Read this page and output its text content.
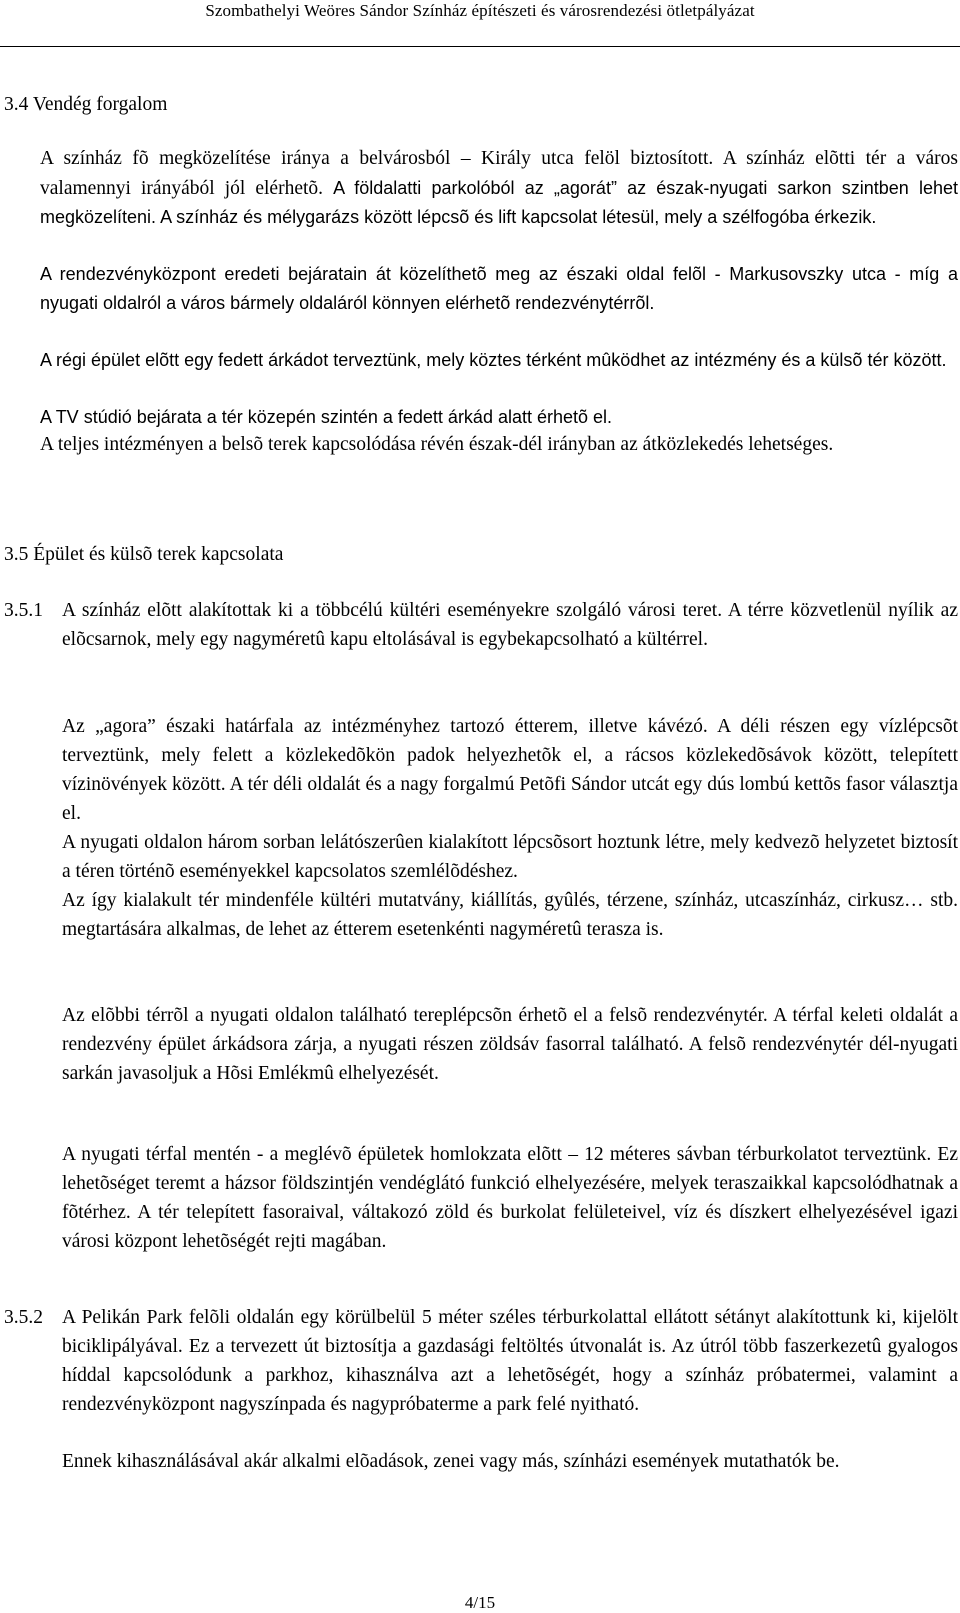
Szombathelyi Weöres Sándor Színház építészeti és városrendezési ötletpályázat
3.4 Vendég forgalom
A színház fõ megközelítése iránya a belvárosból – Király utca felöl biztosított. A színház elõtti tér a város valamennyi irányából jól elérhetõ. A földalatti parkolóból az „agorát” az észak-nyugati sarkon szintben lehet megközelíteni. A színház és mélygarázs között lépcsõ és lift kapcsolat létesül, mely a szélfogóba érkezik.
A rendezvényközpont eredeti bejáratain át közelíthetõ meg az északi oldal felõl - Markusovszky utca - míg a nyugati oldalról a város bármely oldaláról könnyen elérhetõ rendezvénytérrõl.
A régi épület elõtt egy fedett árkádot terveztünk, mely köztes térként mûködhet az intézmény és a külsõ tér között.
A TV stúdió bejárata a tér közepén szintén a fedett árkád alatt érhetõ el.
A teljes intézményen a belsõ terek kapcsolódása révén észak-dél irányban az átközlekedés lehetséges.
3.5 Épület és külsõ terek kapcsolata
3.5.1 A színház elõtt alakítottak ki a többcélú kültéri eseményekre szolgáló városi teret. A térre közvetlenül nyílik az elõcsarnok, mely egy nagyméretû kapu eltolásával is egybekapcsolható a kültérrel.
Az „agora” északi határfala az intézményhez tartozó étterem, illetve kávézó. A déli részen egy vízlépcsõt terveztünk, mely felett a közlekedõkön padok helyezhetõk el, a rácsos közlekedõsávok között, telepített vízinövények között. A tér déli oldalát és a nagy forgalmú Petõfi Sándor utcát egy dús lombú kettõs fasor választja el.
A nyugati oldalon három sorban lelátószerûen kialakított lépcsõsort hoztunk létre, mely kedvezõ helyzetet biztosít a téren történõ eseményekkel kapcsolatos szemlélõdéshez.
Az így kialakult tér mindenféle kültéri mutatvány, kiállítás, gyûlés, térzene, színház, utcaszínház, cirkusz… stb. megtartására alkalmas, de lehet az étterem esetenkénti nagyméretû terasza is.
Az elõbbi térrõl a nyugati oldalon található tereplépcsõn érhetõ el a felsõ rendezvénytér. A térfal keleti oldalát a rendezvény épület árkádsora zárja, a nyugati részen zöldsáv fasorral található. A felsõ rendezvénytér dél-nyugati sarkán javasoljuk a Hõsi Emlékmû elhelyezését.
A nyugati térfal mentén - a meglévõ épületek homlokzata elõtt – 12 méteres sávban térburkolatot terveztünk. Ez lehetõséget teremt a házsor földszintjén vendéglátó funkció elhelyezésére, melyek teraszaikkal kapcsolódhatnak a fõtérhez. A tér telepített fasoraival, váltakozó zöld és burkolat felületeivel, víz és díszkert elhelyezésével igazi városi központ lehetõségét rejti magában.
3.5.2 A Pelikán Park felõli oldalán egy körülbelül 5 méter széles térburkolattal ellátott sétányt alakítottunk ki, kijelölt biciklipályával. Ez a tervezett út biztosítja a gazdasági feltöltés útvonalát is. Az útról több faszerkezetû gyalogos híddal kapcsolódunk a parkhoz, kihasználva azt a lehetõségét, hogy a színház próbatermei, valamint a rendezvényközpont nagyszínpada és nagypróbaterme a park felé nyitható.
Ennek kihasználásával akár alkalmi elõadások, zenei vagy más, színházi események mutathatók be.
4/15
